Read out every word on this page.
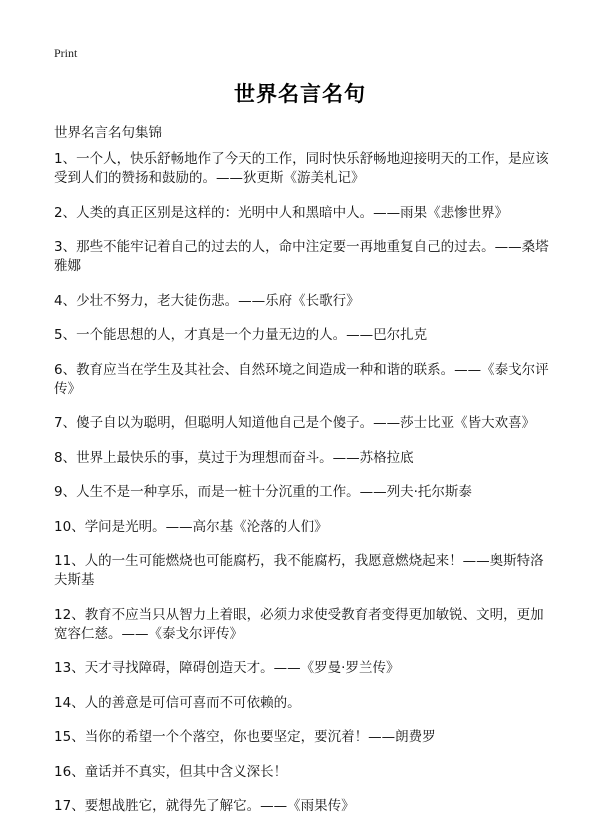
Print
世界名言名句
世界名言名句集锦
1、一个人，快乐舒畅地作了今天的工作，同时快乐舒畅地迎接明天的工作，是应该受到人们的赞扬和鼓励的。——狄更斯《游美札记》
2、人类的真正区别是这样的：光明中人和黑暗中人。——雨果《悲惨世界》
3、那些不能牢记着自己的过去的人，命中注定要一再地重复自己的过去。——桑塔雅娜
4、少壮不努力，老大徒伤悲。——乐府《长歌行》
5、一个能思想的人，才真是一个力量无边的人。——巴尔扎克
6、教育应当在学生及其社会、自然环境之间造成一种和谐的联系。——《泰戈尔评传》
7、傻子自以为聪明，但聪明人知道他自己是个傻子。——莎士比亚《皆大欢喜》
8、世界上最快乐的事，莫过于为理想而奋斗。——苏格拉底
9、人生不是一种享乐，而是一桩十分沉重的工作。——列夫·托尔斯泰
10、学问是光明。——高尔基《沦落的人们》
11、人的一生可能燃烧也可能腐朽，我不能腐朽，我愿意燃烧起来！——奥斯特洛夫斯基
12、教育不应当只从智力上着眼，必须力求使受教育者变得更加敏锐、文明，更加宽容仁慈。——《泰戈尔评传》
13、天才寻找障碍，障碍创造天才。——《罗曼·罗兰传》
14、人的善意是可信可喜而不可依赖的。
15、当你的希望一个个落空，你也要坚定，要沉着！——朗费罗
16、童话并不真实，但其中含义深长！
17、要想战胜它，就得先了解它。——《雨果传》
